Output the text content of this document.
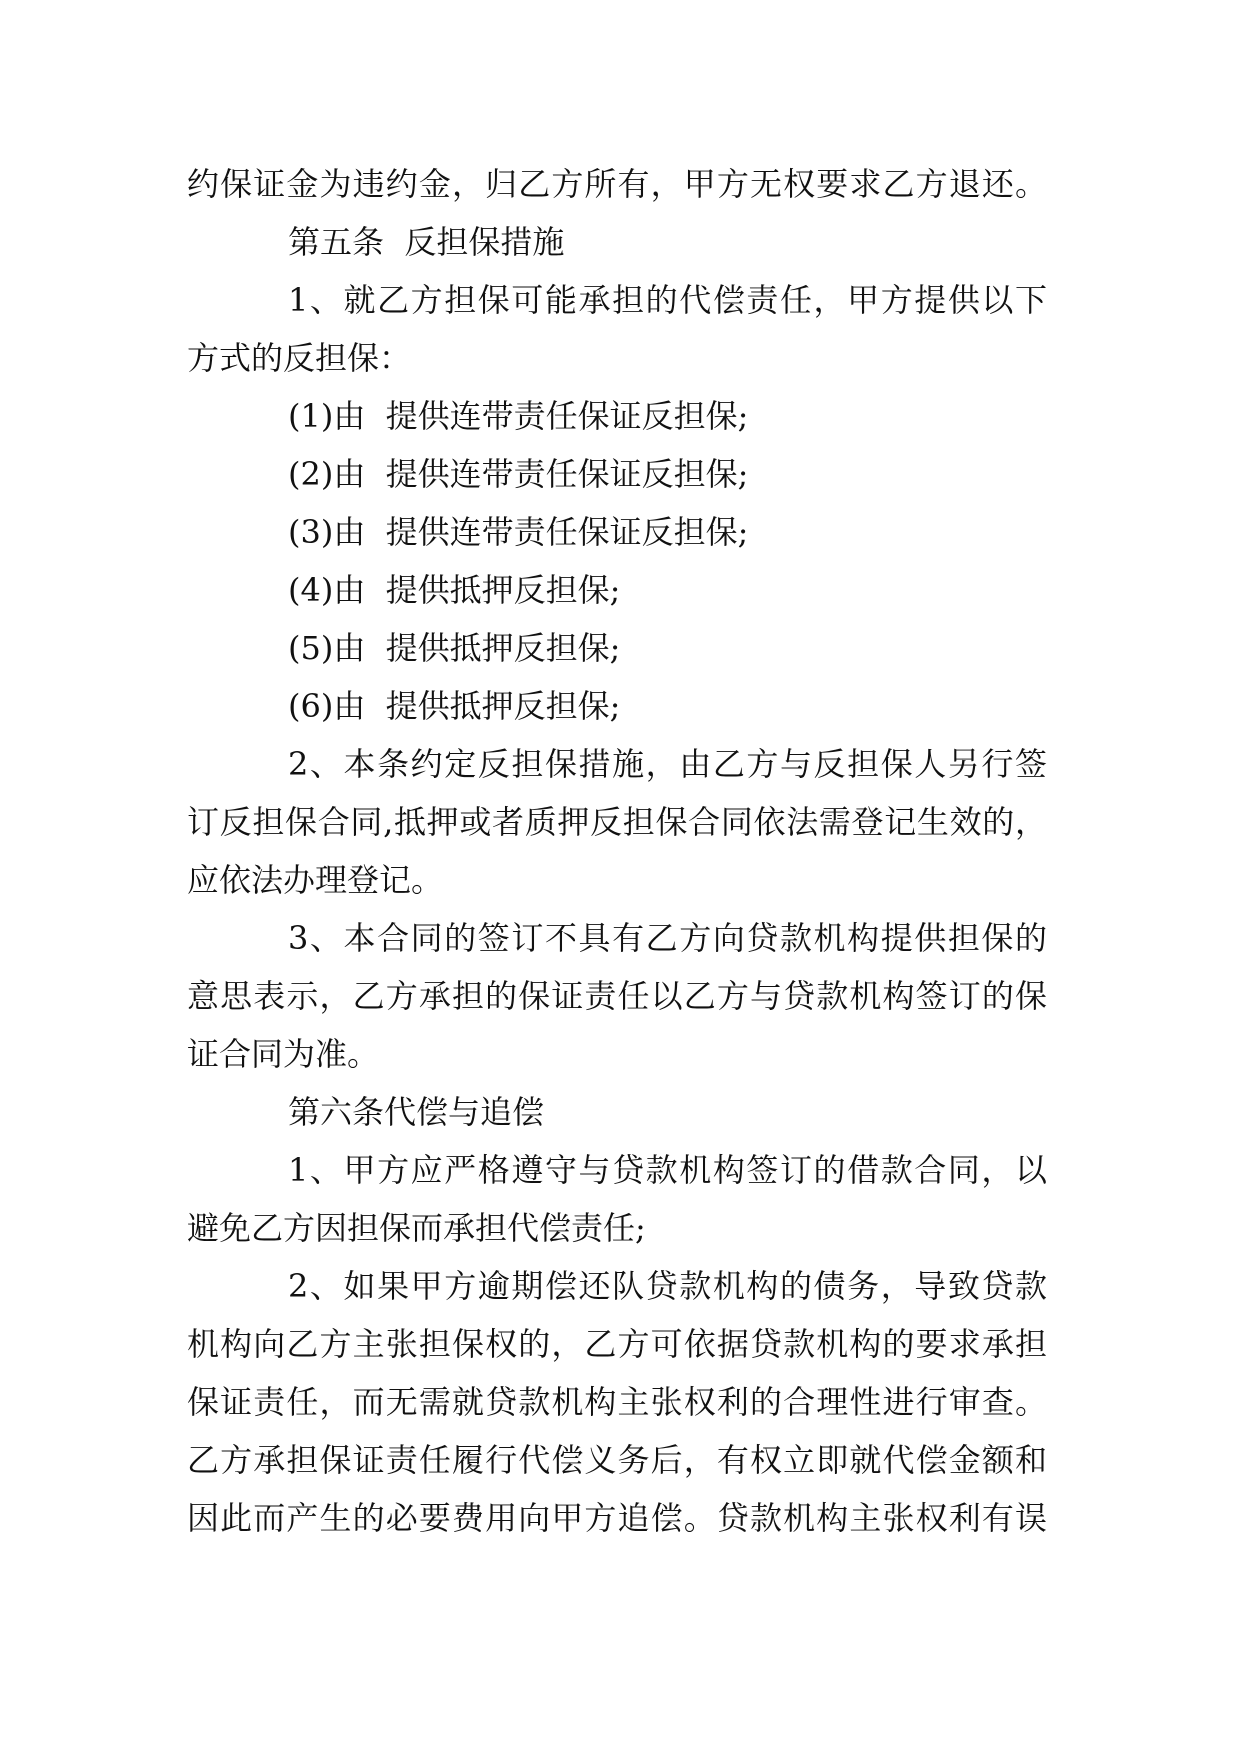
约保证金为违约金，归乙方所有，甲方无权要求乙方退还。
第五条  反担保措施
1、就乙方担保可能承担的代偿责任，甲方提供以下
方式的反担保：
(1)由  提供连带责任保证反担保;
(2)由  提供连带责任保证反担保;
(3)由  提供连带责任保证反担保;
(4)由  提供抵押反担保;
(5)由  提供抵押反担保;
(6)由  提供抵押反担保;
2、本条约定反担保措施，由乙方与反担保人另行签
订反担保合同,抵押或者质押反担保合同依法需登记生效的，
应依法办理登记。
3、本合同的签订不具有乙方向贷款机构提供担保的
意思表示，乙方承担的保证责任以乙方与贷款机构签订的保
证合同为准。
第六条代偿与追偿
1、甲方应严格遵守与贷款机构签订的借款合同，以
避免乙方因担保而承担代偿责任;
2、如果甲方逾期偿还队贷款机构的债务，导致贷款
机构向乙方主张担保权的，乙方可依据贷款机构的要求承担
保证责任，而无需就贷款机构主张权利的合理性进行审查。
乙方承担保证责任履行代偿义务后，有权立即就代偿金额和
因此而产生的必要费用向甲方追偿。贷款机构主张权利有误
